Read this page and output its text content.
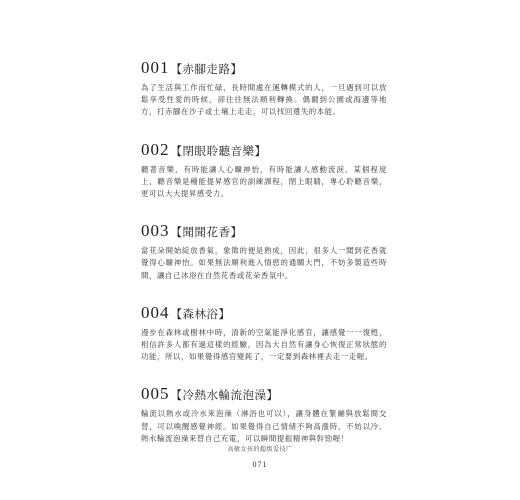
001 【赤腳走路】

為了生活與工作而忙碌，長時間處在運轉模式的人，一旦遇到可以放鬆享受性愛的時候，卻往往無法順利轉換。偶爾到公園或海邊等地方，打赤腳在沙子或土壤上走走，可以找回遺失的本能。

002 【閉眼聆聽音樂】

聽著音樂，有時能讓人心曠神怡，有時能讓人感動流淚。某個程度上，聽音樂是種能提昇感官的訓練課程，閉上眼睛，專心聆聽音樂，更可以大大提昇感受力。

003 【聞聞花香】

當花朵開始綻放香氣，象徵的便是熟成，因此，很多人一聞到花香就覺得心曠神怡。如果無法順利進入情慾的通關大門，不妨多製造些時間，讓自己沐浴在自然花香或花朵香氛中。

004 【森林浴】

漫步在森林或樹林中時，清新的空氣能淨化感官，讓感覺一一復甦，相信許多人都有過這樣的經驗，因為大自然有讓身心恢復正常狀態的功能，所以，如果覺得感官變鈍了，一定要到森林裡去走一走喔。

005 【冷熱水輪流泡澡】

輪流以熱水或冷水來泡澡（淋浴也可以），讓身體在緊繃與放鬆間交替，可以喚醒感覺神經。如果覺得自己情緒不夠高漲時，不妨以冷、熱水輪流泡澡來替自己充電，可以瞬間提振精神與幹勁喔！

高敏女孩的超级爱技广
071
